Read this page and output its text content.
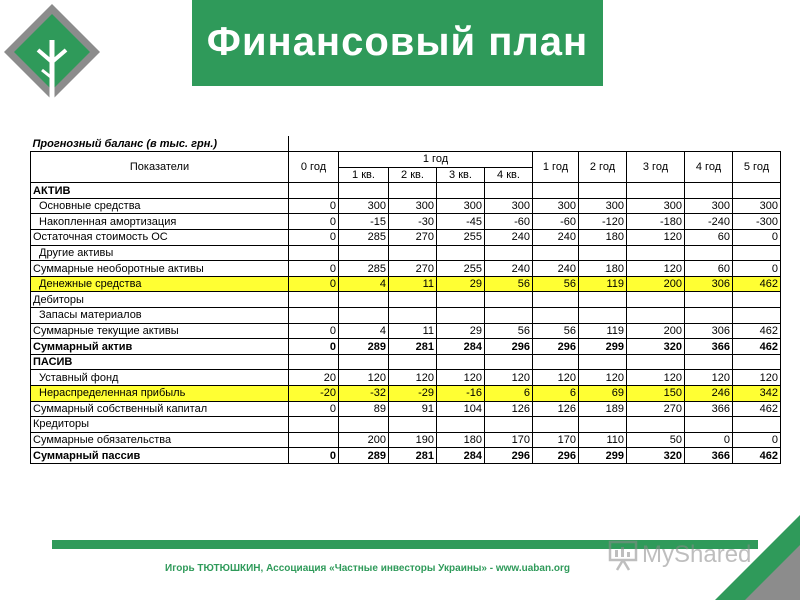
Финансовый план
Прогнозный баланс (в тыс. грн.)										
Показатели	0 год	1 год				1 год	2 год	3 год	4 год	5 год
		1 кв.	2 кв.	3 кв.	4 кв.					
АКТИВ										
Основные средства	0	300	300	300	300	300	300	300	300	300
Накопленная амортизация	0	-15	-30	-45	-60	-60	-120	-180	-240	-300
Остаточная стоимость ОС	0	285	270	255	240	240	180	120	60	0
Другие активы										
Суммарные необоротные активы	0	285	270	255	240	240	180	120	60	0
Денежные средства	0	4	11	29	56	56	119	200	306	462
Дебиторы										
Запасы материалов										
Суммарные текущие активы	0	4	11	29	56	56	119	200	306	462
Суммарный актив	0	289	281	284	296	296	299	320	366	462
ПАСИВ										
Уставный фонд	20	120	120	120	120	120	120	120	120	120
Нераспределенная прибыль	-20	-32	-29	-16	6	6	69	150	246	342
Суммарный собственный капитал	0	89	91	104	126	126	189	270	366	462
Кредиторы										
Суммарные обязательства		200	190	180	170	170	110	50	0	0
Суммарный пассив	0	289	281	284	296	296	299	320	366	462
Игорь ТЮТЮШКИН, Ассоциация «Частные инвесторы Украины» - www.uaban.org
MyShared
